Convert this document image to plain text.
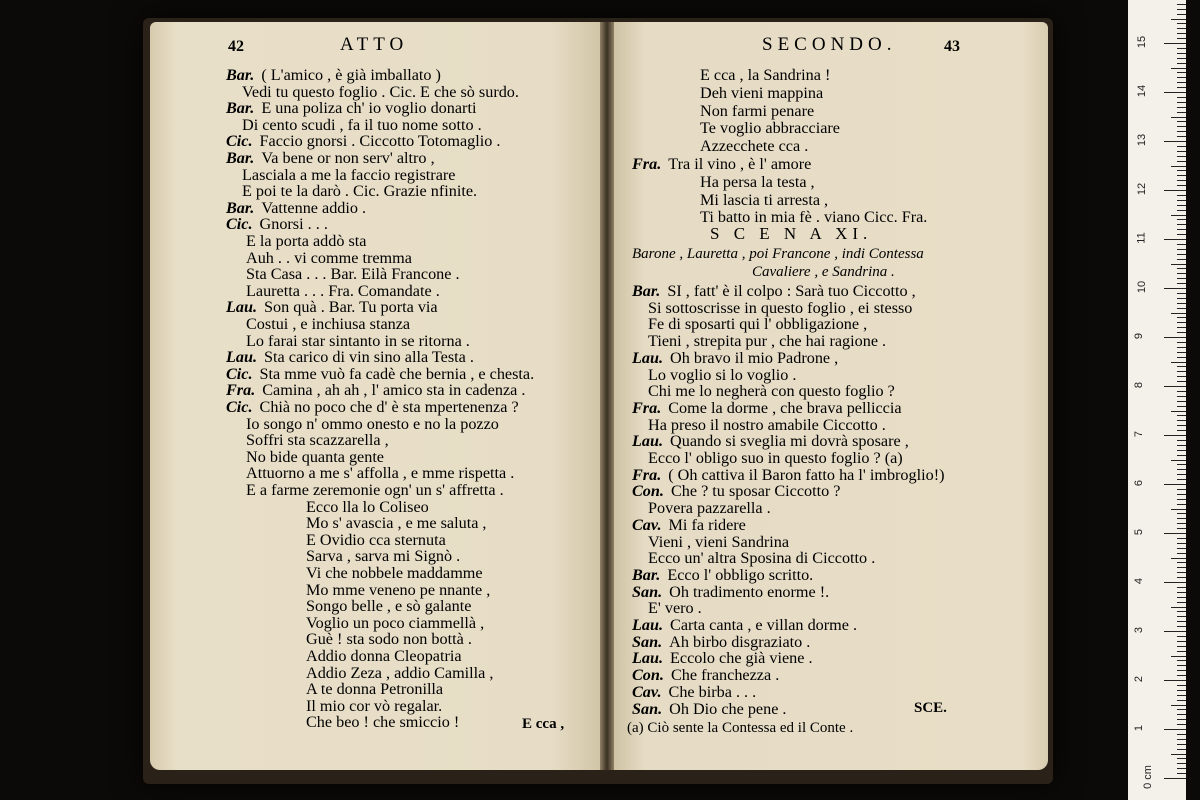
42	ATTO
Bar. ( L'amico , è già imballato )
Vedi tu questo foglio . Cic. E che sò surdo.
Bar. E una poliza ch' io voglio donarti
Di cento scudi , fa il tuo nome sotto .
Cic. Faccio gnorsi . Ciccotto Totomaglio .
Bar. Va bene or non serv' altro ,
Lasciala a me la faccio registrare
E poi te la darò . Cic. Grazie nfinite.
Bar. Vattenne addio .
Cic. Gnorsi . . .
E la porta addò sta
Auh . . vi comme tremma
Sta Casa . . . Bar. Eilà Francone .
Lauretta . . . Fra. Comandate .
Lau. Son quà . Bar. Tu porta via
Costui , e inchiusa stanza
Lo farai star sintanto in se ritorna .
Lau. Sta carico di vin sino alla Testa .
Cic. Sta mme vuò fa cadè che bernia , e chesta.
Fra. Camina , ah ah , l' amico sta in cadenza .
Cic. Chià no poco che d' è sta mpertenenza ?
Io songo n' ommo onesto e no la pozzo
Soffri sta scazzarella ,
No bide quanta gente
Attuorno a me s' affolla , e mme rispetta .
E a farme zeremonie ogn' un s' affretta .
Ecco lla lo Coliseo
Mo s' avascia , e me saluta ,
E Ovidio cca sternuta
Sarva , sarva mi Signò .
Vi che nobbele maddamme
Mo mme veneno pe nnante ,
Songo belle , e sò galante
Voglio un poco ciammellà ,
Guè ! sta sodo non bottà .
Addio donna Cleopatria
Addio Zeza , addio Camilla ,
A te donna Petronilla
Il mio cor vò regalar.
Che beo ! che smiccio !	E cca ,
SECONDO.	43
E cca , la Sandrina !
Deh vieni mappina
Non farmi penare
Te voglio abbracciare
Azzecchete cca .
Fra. Tra il vino , è l' amore
Ha persa la testa ,
Mi lascia ti arresta ,
Ti batto in mia fè . viano Cicc. Fra.
S C E N A XI.
Barone , Lauretta , poi Francone , indi Contessa
Cavaliere , e Sandrina .
Bar. SI , fatt' è il colpo : Sarà tuo Ciccotto ,
Si sottoscrisse in questo foglio , ei stesso
Fe di sposarti qui l' obbligazione ,
Tieni , strepita pur , che hai ragione .
Lau. Oh bravo il mio Padrone ,
Lo voglio si lo voglio .
Chi me lo negherà con questo foglio ?
Fra. Come la dorme , che brava pelliccia
Ha preso il nostro amabile Ciccotto .
Lau. Quando si sveglia mi dovrà sposare ,
Ecco l' obligo suo in questo foglio ? (a)
Fra. ( Oh cattiva il Baron fatto ha l' imbroglio!)
Con. Che ? tu sposar Ciccotto ?
Povera pazzarella .
Cav. Mi fa ridere
Vieni , vieni Sandrina
Ecco un' altra Sposina di Ciccotto .
Bar. Ecco l' obbligo scritto.
San. Oh tradimento enorme !.
E' vero .
Lau. Carta canta , e villan dorme .
San. Ah birbo disgraziato .
Lau. Eccolo che già viene .
Con. Che franchezza .
Cav. Che birba . . .
San. Oh Dio che pene .	SCE.
(a) Ciò sente la Contessa ed il Conte .
15
14
13
12
11
10
9
8
7
6
5
4
3
2
1
0 cm
